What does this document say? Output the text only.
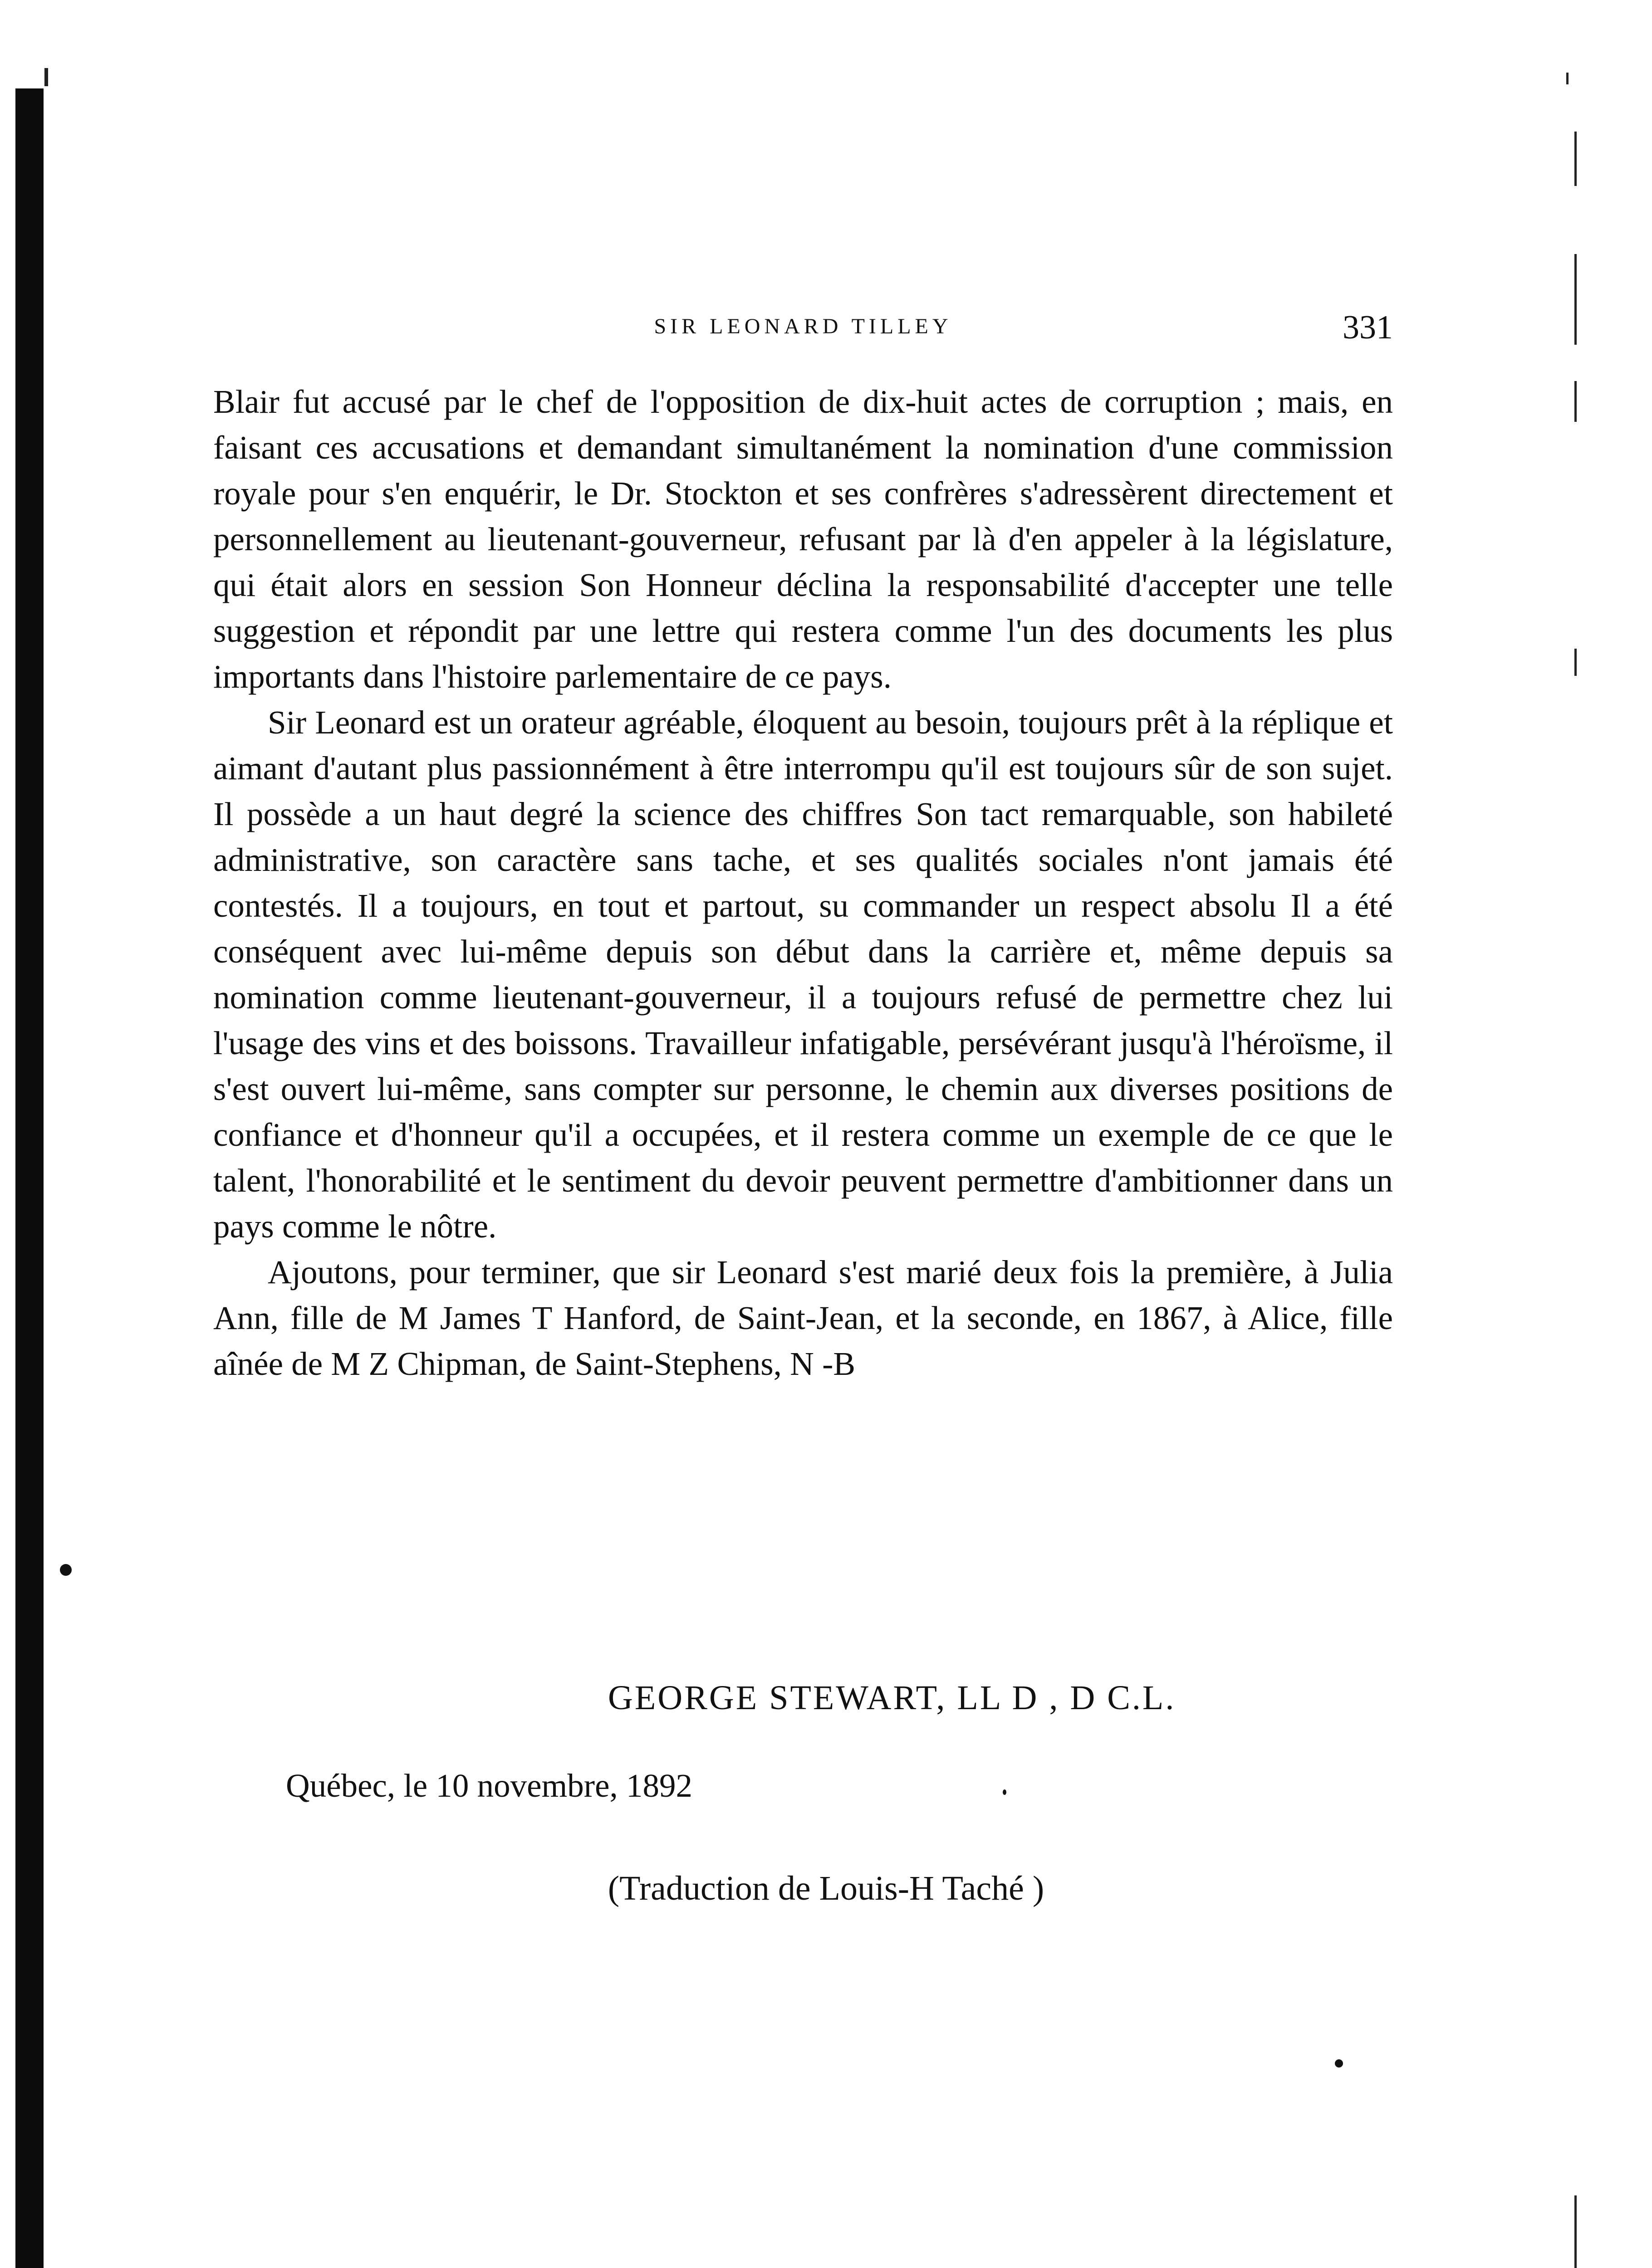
SIR LEONARD TILLEY	331

Blair fut accusé par le chef de l'opposition de dix-huit actes de corruption ; mais, en faisant ces accusations et demandant simultanément la nomination d'une commission royale pour s'en enquérir, le Dr. Stockton et ses confrères s'adressèrent directement et personnellement au lieutenant-gouverneur, refusant par là d'en appeler à la législature, qui était alors en session Son Honneur déclina la responsabilité d'accepter une telle suggestion et répondit par une lettre qui restera comme l'un des documents les plus importants dans l'histoire parlementaire de ce pays.

Sir Leonard est un orateur agréable, éloquent au besoin, toujours prêt à la réplique et aimant d'autant plus passionnément à être interrompu qu'il est toujours sûr de son sujet. Il possède a un haut degré la science des chiffres Son tact remarquable, son habileté administrative, son caractère sans tache, et ses qualités sociales n'ont jamais été contestés. Il a toujours, en tout et partout, su commander un respect absolu Il a été conséquent avec lui-même depuis son début dans la carrière et, même depuis sa nomination comme lieutenant-gouverneur, il a toujours refusé de permettre chez lui l'usage des vins et des boissons. Travailleur infatigable, persévérant jusqu'à l'héroïsme, il s'est ouvert lui-même, sans compter sur personne, le chemin aux diverses positions de confiance et d'honneur qu'il a occupées, et il restera comme un exemple de ce que le talent, l'honorabilité et le sentiment du devoir peuvent permettre d'ambitionner dans un pays comme le nôtre.

Ajoutons, pour terminer, que sir Leonard s'est marié deux fois la première, à Julia Ann, fille de M James T Hanford, de Saint-Jean, et la seconde, en 1867, à Alice, fille aînée de M Z Chipman, de Saint-Stephens, N -B

GEORGE STEWART, LL D , D C.L.
Québec, le 10 novembre, 1892
(Traduction de Louis-H Taché )
